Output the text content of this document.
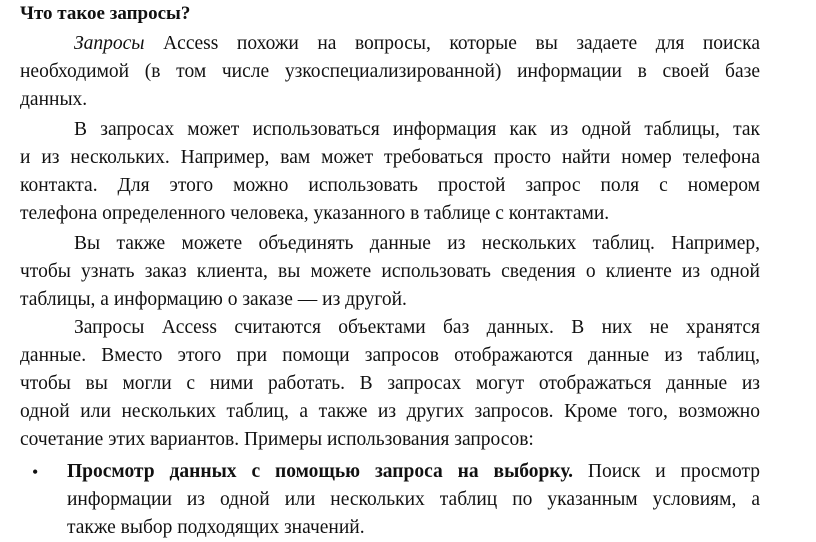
Что такое запросы?
Запросы Access похожи на вопросы, которые вы задаете для поиска
необходимой (в том числе узкоспециализированной) информации в своей базе
данных.
В запросах может использоваться информация как из одной таблицы, так
и из нескольких. Например, вам может требоваться просто найти номер телефона
контакта. Для этого можно использовать простой запрос поля с номером
телефона определенного человека, указанного в таблице с контактами.
Вы также можете объединять данные из нескольких таблиц. Например,
чтобы узнать заказ клиента, вы можете использовать сведения о клиенте из одной
таблицы, а информацию о заказе — из другой.
Запросы Access считаются объектами баз данных. В них не хранятся
данные. Вместо этого при помощи запросов отображаются данные из таблиц,
чтобы вы могли с ними работать. В запросах могут отображаться данные из
одной или нескольких таблиц, а также из других запросов. Кроме того, возможно
сочетание этих вариантов. Примеры использования запросов:
• Просмотр данных с помощью запроса на выборку. Поиск и просмотр
информации из одной или нескольких таблиц по указанным условиям, а
также выбор подходящих значений.
